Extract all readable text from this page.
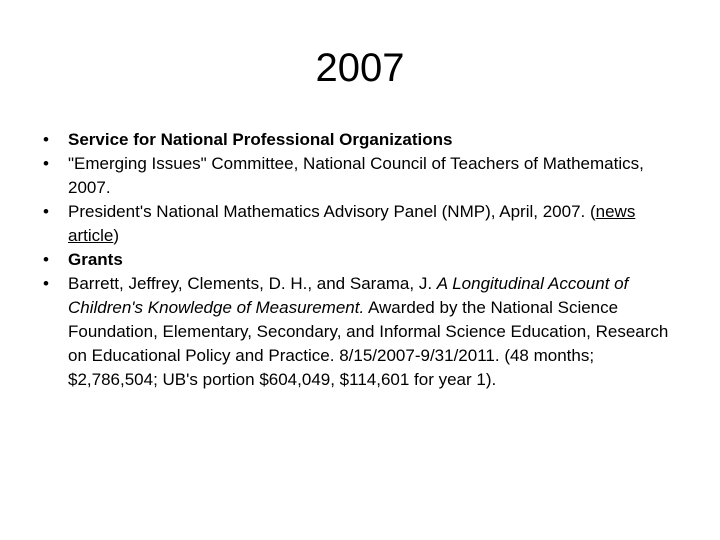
2007
•	Service for National Professional Organizations
•	"Emerging Issues" Committee, National Council of Teachers of Mathematics, 2007.
•	President's National Mathematics Advisory Panel (NMP), April, 2007. (news article)
•	Grants
•	Barrett, Jeffrey, Clements, D. H., and Sarama, J. A Longitudinal Account of Children's Knowledge of Measurement. Awarded by the National Science Foundation, Elementary, Secondary, and Informal Science Education, Research on Educational Policy and Practice. 8/15/2007-9/31/2011. (48 months; $2,786,504; UB's portion $604,049, $114,601 for year 1).
